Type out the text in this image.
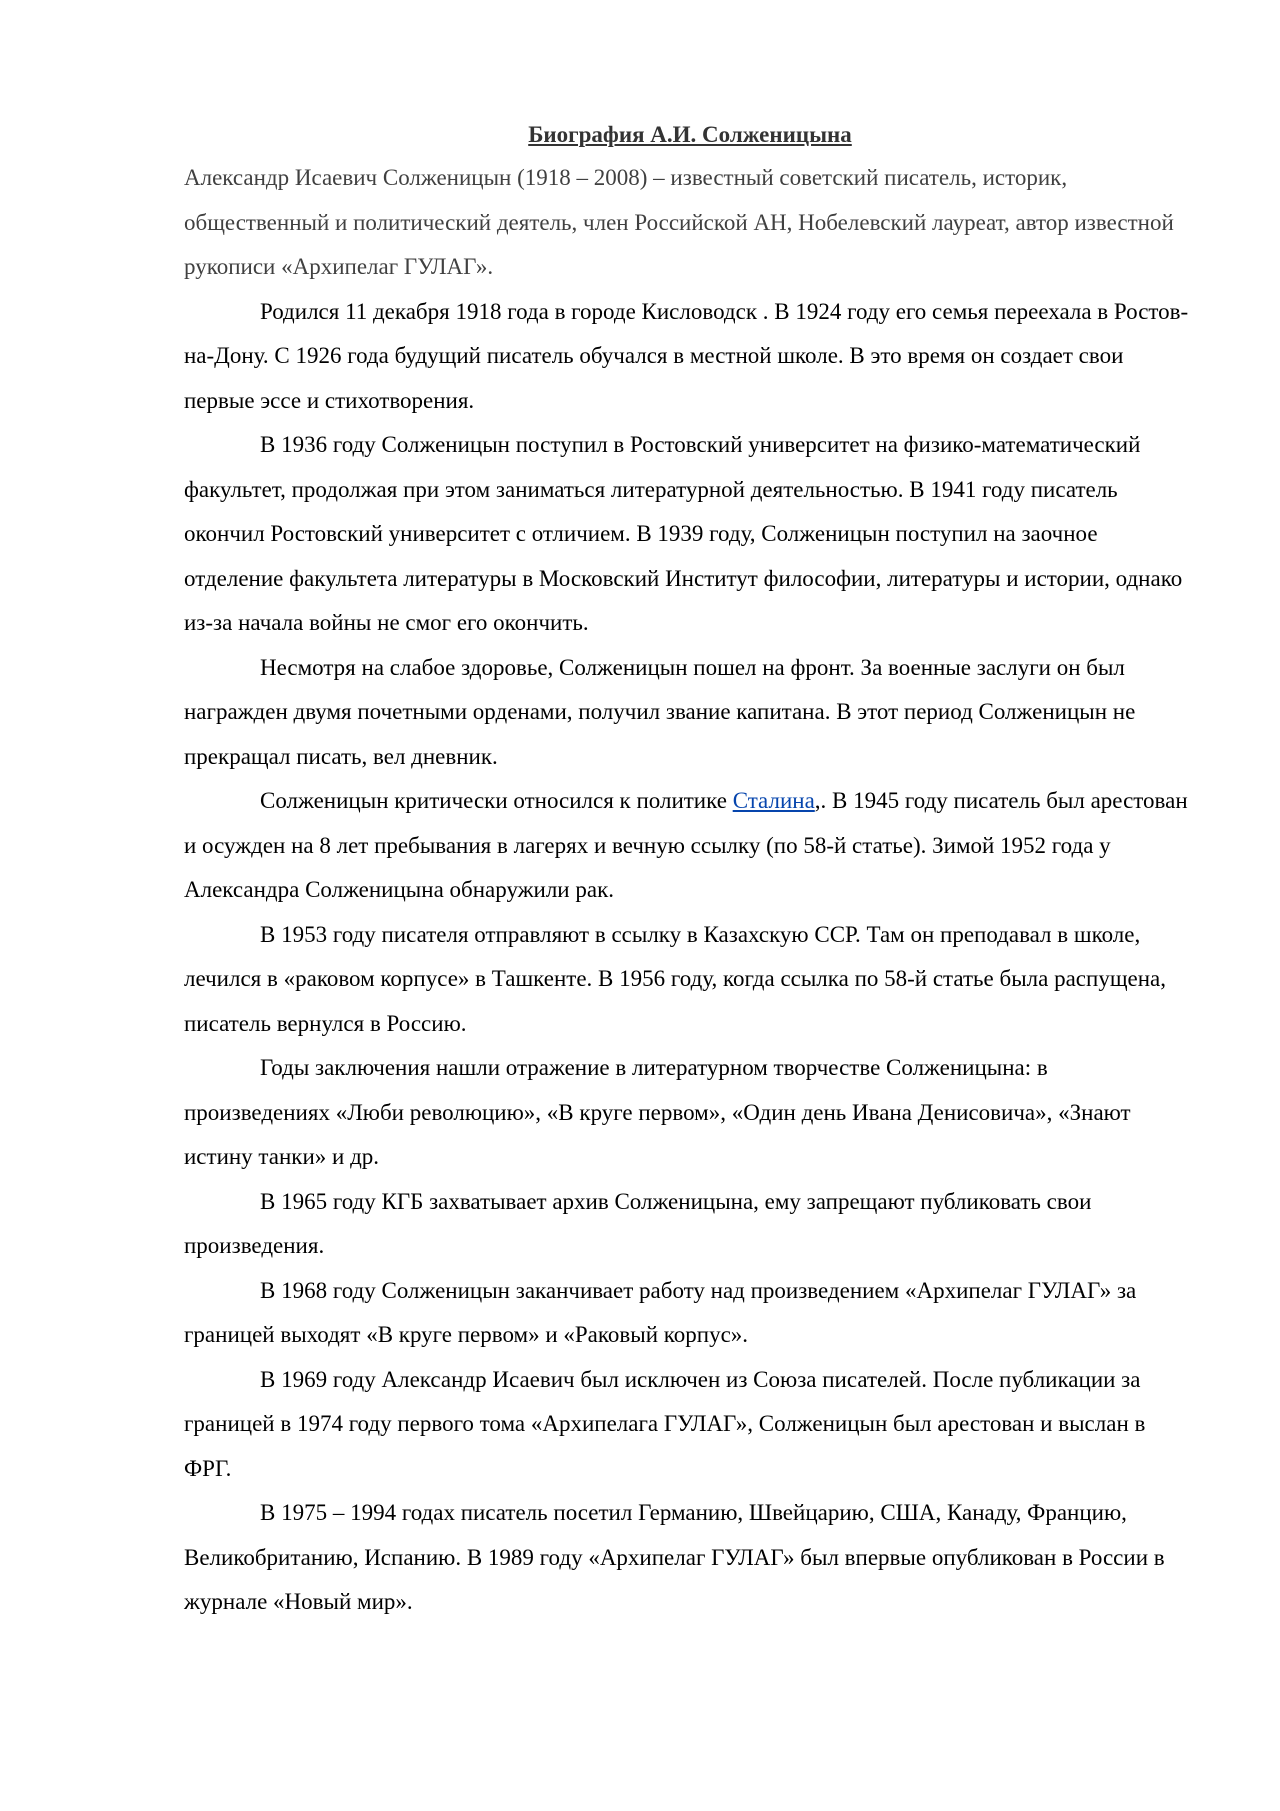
Биография А.И. Солженицына

Александр Исаевич Солженицын (1918 – 2008) – известный советский писатель, историк, общественный и политический деятель, член Российской АН, Нобелевский лауреат, автор известной рукописи «Архипелаг ГУЛАГ».

Родился 11 декабря 1918 года в городе Кисловодск . В 1924 году его семья переехала в Ростов-на-Дону. С 1926 года будущий писатель обучался в местной школе. В это время он создает свои первые эссе и стихотворения.

В 1936 году Солженицын поступил в Ростовский университет на физико-математический факультет, продолжая при этом заниматься литературной деятельностью. В 1941 году писатель окончил Ростовский университет с отличием. В 1939 году, Солженицын поступил на заочное отделение факультета литературы в Московский Институт философии, литературы и истории, однако из-за начала войны не смог его окончить.

Несмотря на слабое здоровье, Солженицын пошел на фронт. За военные заслуги он был награжден двумя почетными орденами, получил звание капитана. В этот период Солженицын не прекращал писать, вел дневник.

Солженицын критически относился к политике Сталина,. В 1945 году писатель был арестован и осужден на 8 лет пребывания в лагерях и вечную ссылку (по 58-й статье). Зимой 1952 года у Александра Солженицына обнаружили рак.

В 1953 году писателя отправляют в ссылку в Казахскую ССР. Там он преподавал в школе, лечился в «раковом корпусе» в Ташкенте. В 1956 году, когда ссылка по 58-й статье была распущена, писатель вернулся в Россию.

Годы заключения нашли отражение в литературном творчестве Солженицына: в произведениях «Люби революцию», «В круге первом», «Один день Ивана Денисовича», «Знают истину танки» и др.

В 1965 году КГБ захватывает архив Солженицына, ему запрещают публиковать свои произведения.

В 1968 году Солженицын заканчивает работу над произведением «Архипелаг ГУЛАГ» за границей выходят «В круге первом» и «Раковый корпус».

В 1969 году Александр Исаевич был исключен из Союза писателей. После публикации за границей в 1974 году первого тома «Архипелага ГУЛАГ», Солженицын был арестован и выслан в ФРГ.

В 1975 – 1994 годах писатель посетил Германию, Швейцарию, США, Канаду, Францию, Великобританию, Испанию. В 1989 году «Архипелаг ГУЛАГ» был впервые опубликован в России в журнале «Новый мир».
